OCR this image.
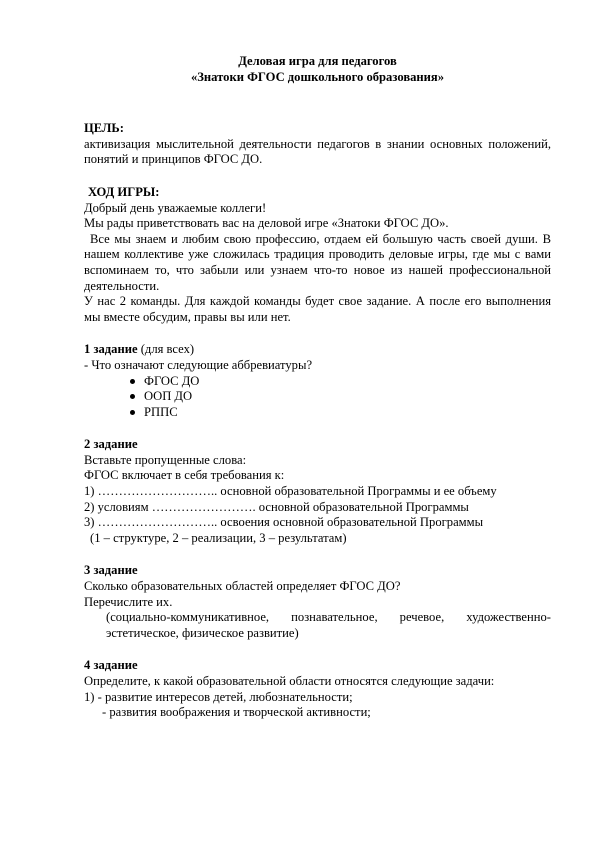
Деловая игра для педагогов
«Знатоки ФГОС дошкольного образования»
ЦЕЛЬ:
активизация мыслительной деятельности педагогов в знании основных положений, понятий и принципов ФГОС ДО.
ХОД ИГРЫ:
Добрый день уважаемые коллеги!
Мы рады приветствовать вас на деловой игре «Знатоки ФГОС ДО».
Все мы знаем и любим свою профессию, отдаем ей большую часть своей души. В нашем коллективе уже сложилась традиция проводить деловые игры, где мы с вами вспоминаем то, что забыли или узнаем что-то новое из нашей профессиональной деятельности.
У нас 2 команды. Для каждой команды будет свое задание. А после его выполнения мы вместе обсудим, правы вы или нет.
1 задание (для всех)
- Что означают следующие аббревиатуры?
ФГОС ДО
ООП ДО
РППС
2 задание
Вставьте пропущенные слова:
ФГОС включает в себя требования к:
1) ……………………….. основной образовательной Программы и ее объему
2) условиям ……………………. основной образовательной Программы
3) ……………………….. освоения основной образовательной Программы
(1 – структуре, 2 – реализации, 3 – результатам)
3 задание
Сколько образовательных областей определяет ФГОС ДО?
Перечислите их.
(социально-коммуникативное, познавательное, речевое, художественно-эстетическое, физическое развитие)
4 задание
Определите, к какой образовательной области относятся следующие задачи:
1) - развитие интересов детей, любознательности;
- развития воображения и творческой активности;
